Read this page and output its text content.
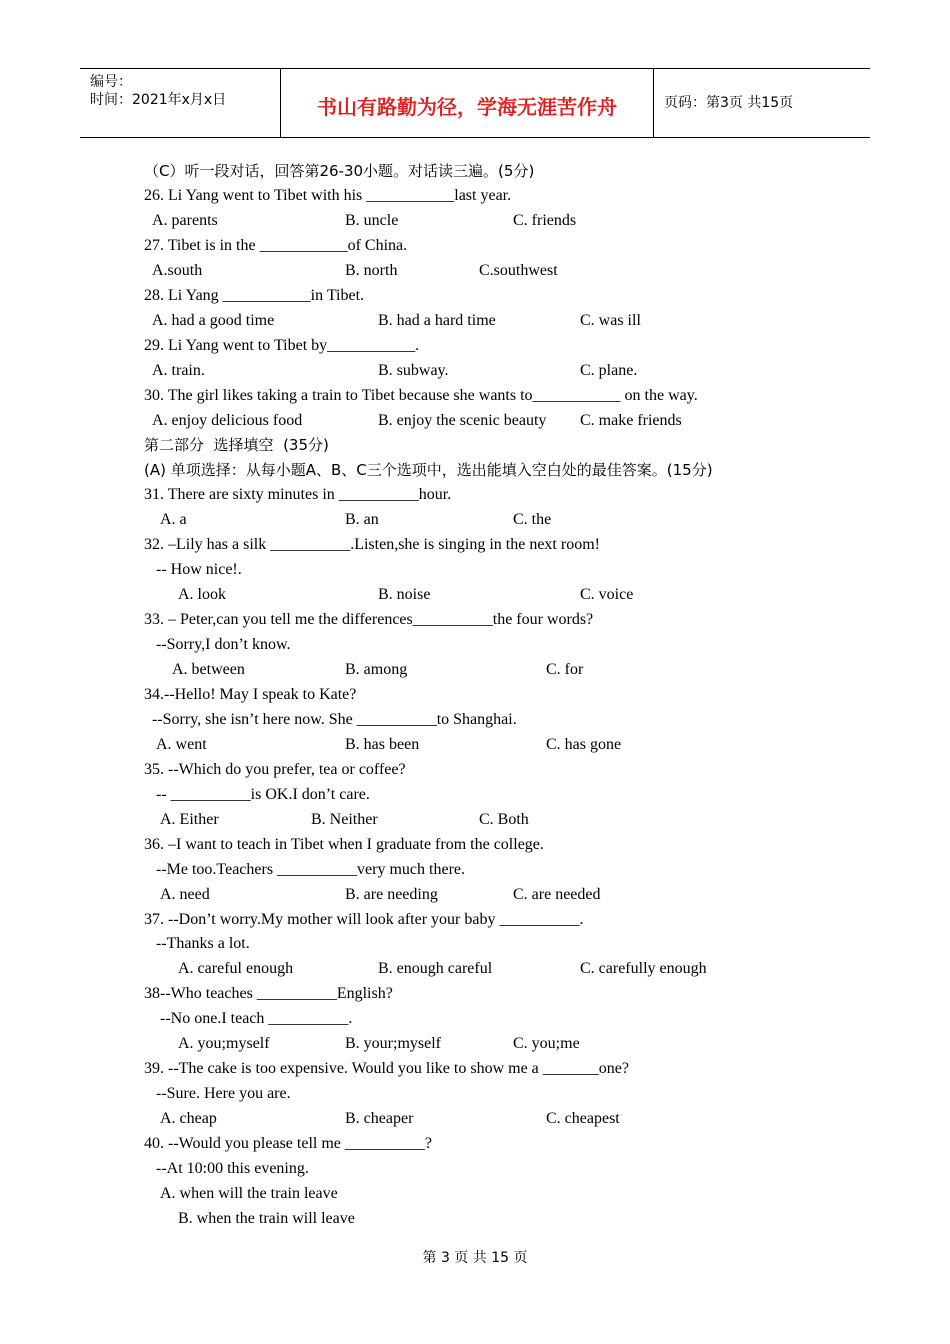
编号：
时间：2021年x月x日	书山有路勤为径，学海无涯苦作舟	页码：第3页 共15页
（C）听一段对话，回答第26-30小题。对话读三遍。(5分)
26. Li Yang went to Tibet with his ___________last year.
A. parents	B. uncle	C. friends
27. Tibet is in the ___________of China.
A.south	B. north	C.southwest
28. Li Yang ___________in Tibet.
A. had a good time	B. had a hard time	C. was ill
29. Li Yang went to Tibet by___________.
A. train.	B. subway.	C. plane.
30. The girl likes taking a train to Tibet because she wants to___________ on the way.
A. enjoy delicious food	B. enjoy the scenic beauty C. make friends
第二部分  选择填空  (35分)
(A) 单项选择：从每小题A、B、C三个选项中，选出能填入空白处的最佳答案。(15分)
31. There are sixty minutes in __________hour.
A. a	B. an	C. the
32. –Lily has a silk __________.Listen,she is singing in the next room!
-- How nice!.
A. look	B. noise	C. voice
33. – Peter,can you tell me the differences__________the four words?
--Sorry,I don’t know.
A. between	B. among	C. for
34.--Hello! May I speak to Kate?
--Sorry, she isn’t here now. She __________to Shanghai.
A. went	B. has been	C. has gone
35. --Which do you prefer, tea or coffee?
-- __________is OK.I don’t care.
A. Either	B. Neither	C. Both
36. –I want to teach in Tibet when I graduate from the college.
--Me too.Teachers __________very much there.
A. need	B. are needing	C. are needed
37. --Don’t worry.My mother will look after your baby __________.
--Thanks a lot.
A. careful enough	B. enough careful	C. carefully enough
38--Who teaches __________English?
--No one.I teach __________.
A. you;myself	B. your;myself	C. you;me
39. --The cake is too expensive. Would you like to show me a _______one?
--Sure. Here you are.
A. cheap	B. cheaper	C. cheapest
40. --Would you please tell me __________?
--At 10:00 this evening.
A. when will the train leave
B. when the train will leave
第 3 页 共 15 页
